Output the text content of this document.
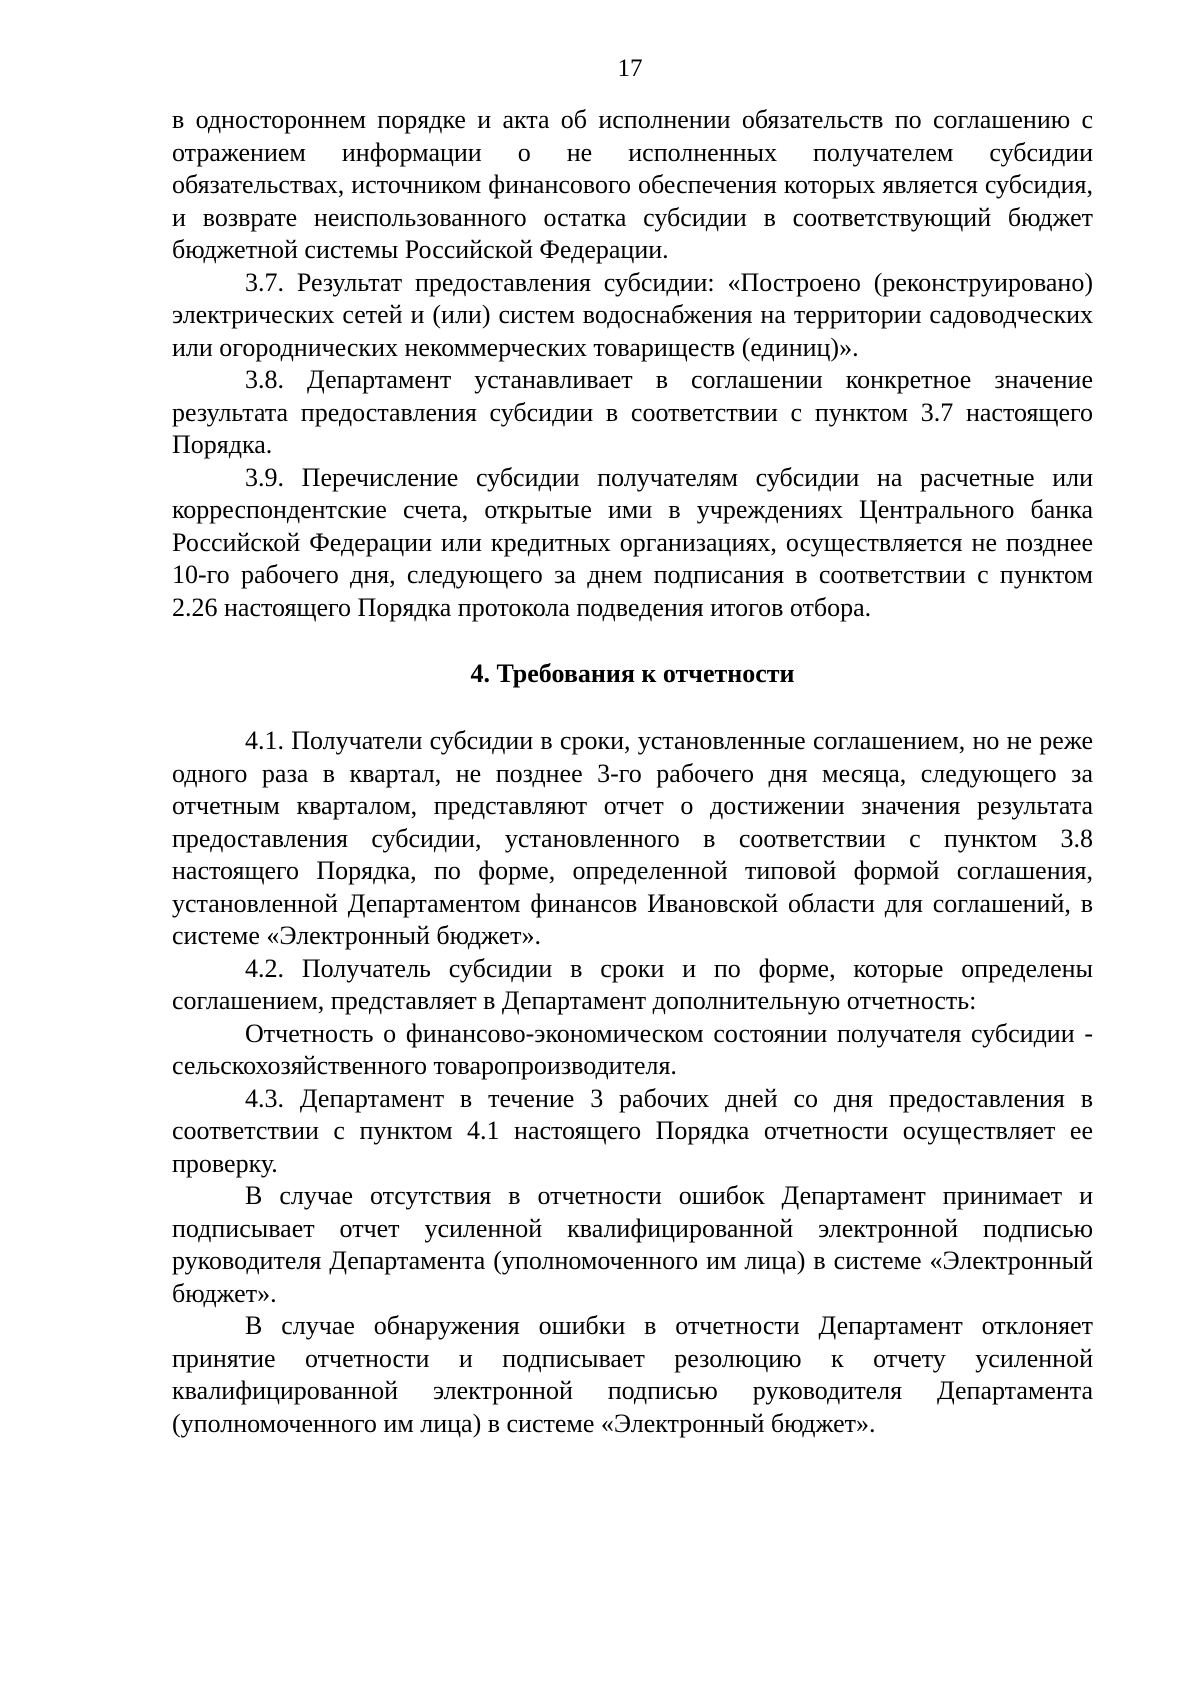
17

в одностороннем порядке и акта об исполнении обязательств по соглашению с отражением информации о не исполненных получателем субсидии обязательствах, источником финансового обеспечения которых является субсидия, и возврате неиспользованного остатка субсидии в соответствующий бюджет бюджетной системы Российской Федерации.

3.7. Результат предоставления субсидии: «Построено (реконструировано) электрических сетей и (или) систем водоснабжения на территории садоводческих или огороднических некоммерческих товариществ (единиц)».

3.8. Департамент устанавливает в соглашении конкретное значение результата предоставления субсидии в соответствии с пунктом 3.7 настоящего Порядка.

3.9. Перечисление субсидии получателям субсидии на расчетные или корреспондентские счета, открытые ими в учреждениях Центрального банка Российской Федерации или кредитных организациях, осуществляется не позднее 10-го рабочего дня, следующего за днем подписания в соответствии с пунктом 2.26 настоящего Порядка протокола подведения итогов отбора.

4. Требования к отчетности

4.1. Получатели субсидии в сроки, установленные соглашением, но не реже одного раза в квартал, не позднее 3-го рабочего дня месяца, следующего за отчетным кварталом, представляют отчет о достижении значения результата предоставления субсидии, установленного в соответствии с пунктом 3.8 настоящего Порядка, по форме, определенной типовой формой соглашения, установленной Департаментом финансов Ивановской области для соглашений, в системе «Электронный бюджет».

4.2. Получатель субсидии в сроки и по форме, которые определены соглашением, представляет в Департамент дополнительную отчетность:

Отчетность о финансово-экономическом состоянии получателя субсидии - сельскохозяйственного товаропроизводителя.

4.3. Департамент в течение 3 рабочих дней со дня предоставления в соответствии с пунктом 4.1 настоящего Порядка отчетности осуществляет ее проверку.

В случае отсутствия в отчетности ошибок Департамент принимает и подписывает отчет усиленной квалифицированной электронной подписью руководителя Департамента (уполномоченного им лица) в системе «Электронный бюджет».

В случае обнаружения ошибки в отчетности Департамент отклоняет принятие отчетности и подписывает резолюцию к отчету усиленной квалифицированной электронной подписью руководителя Департамента (уполномоченного им лица) в системе «Электронный бюджет».
